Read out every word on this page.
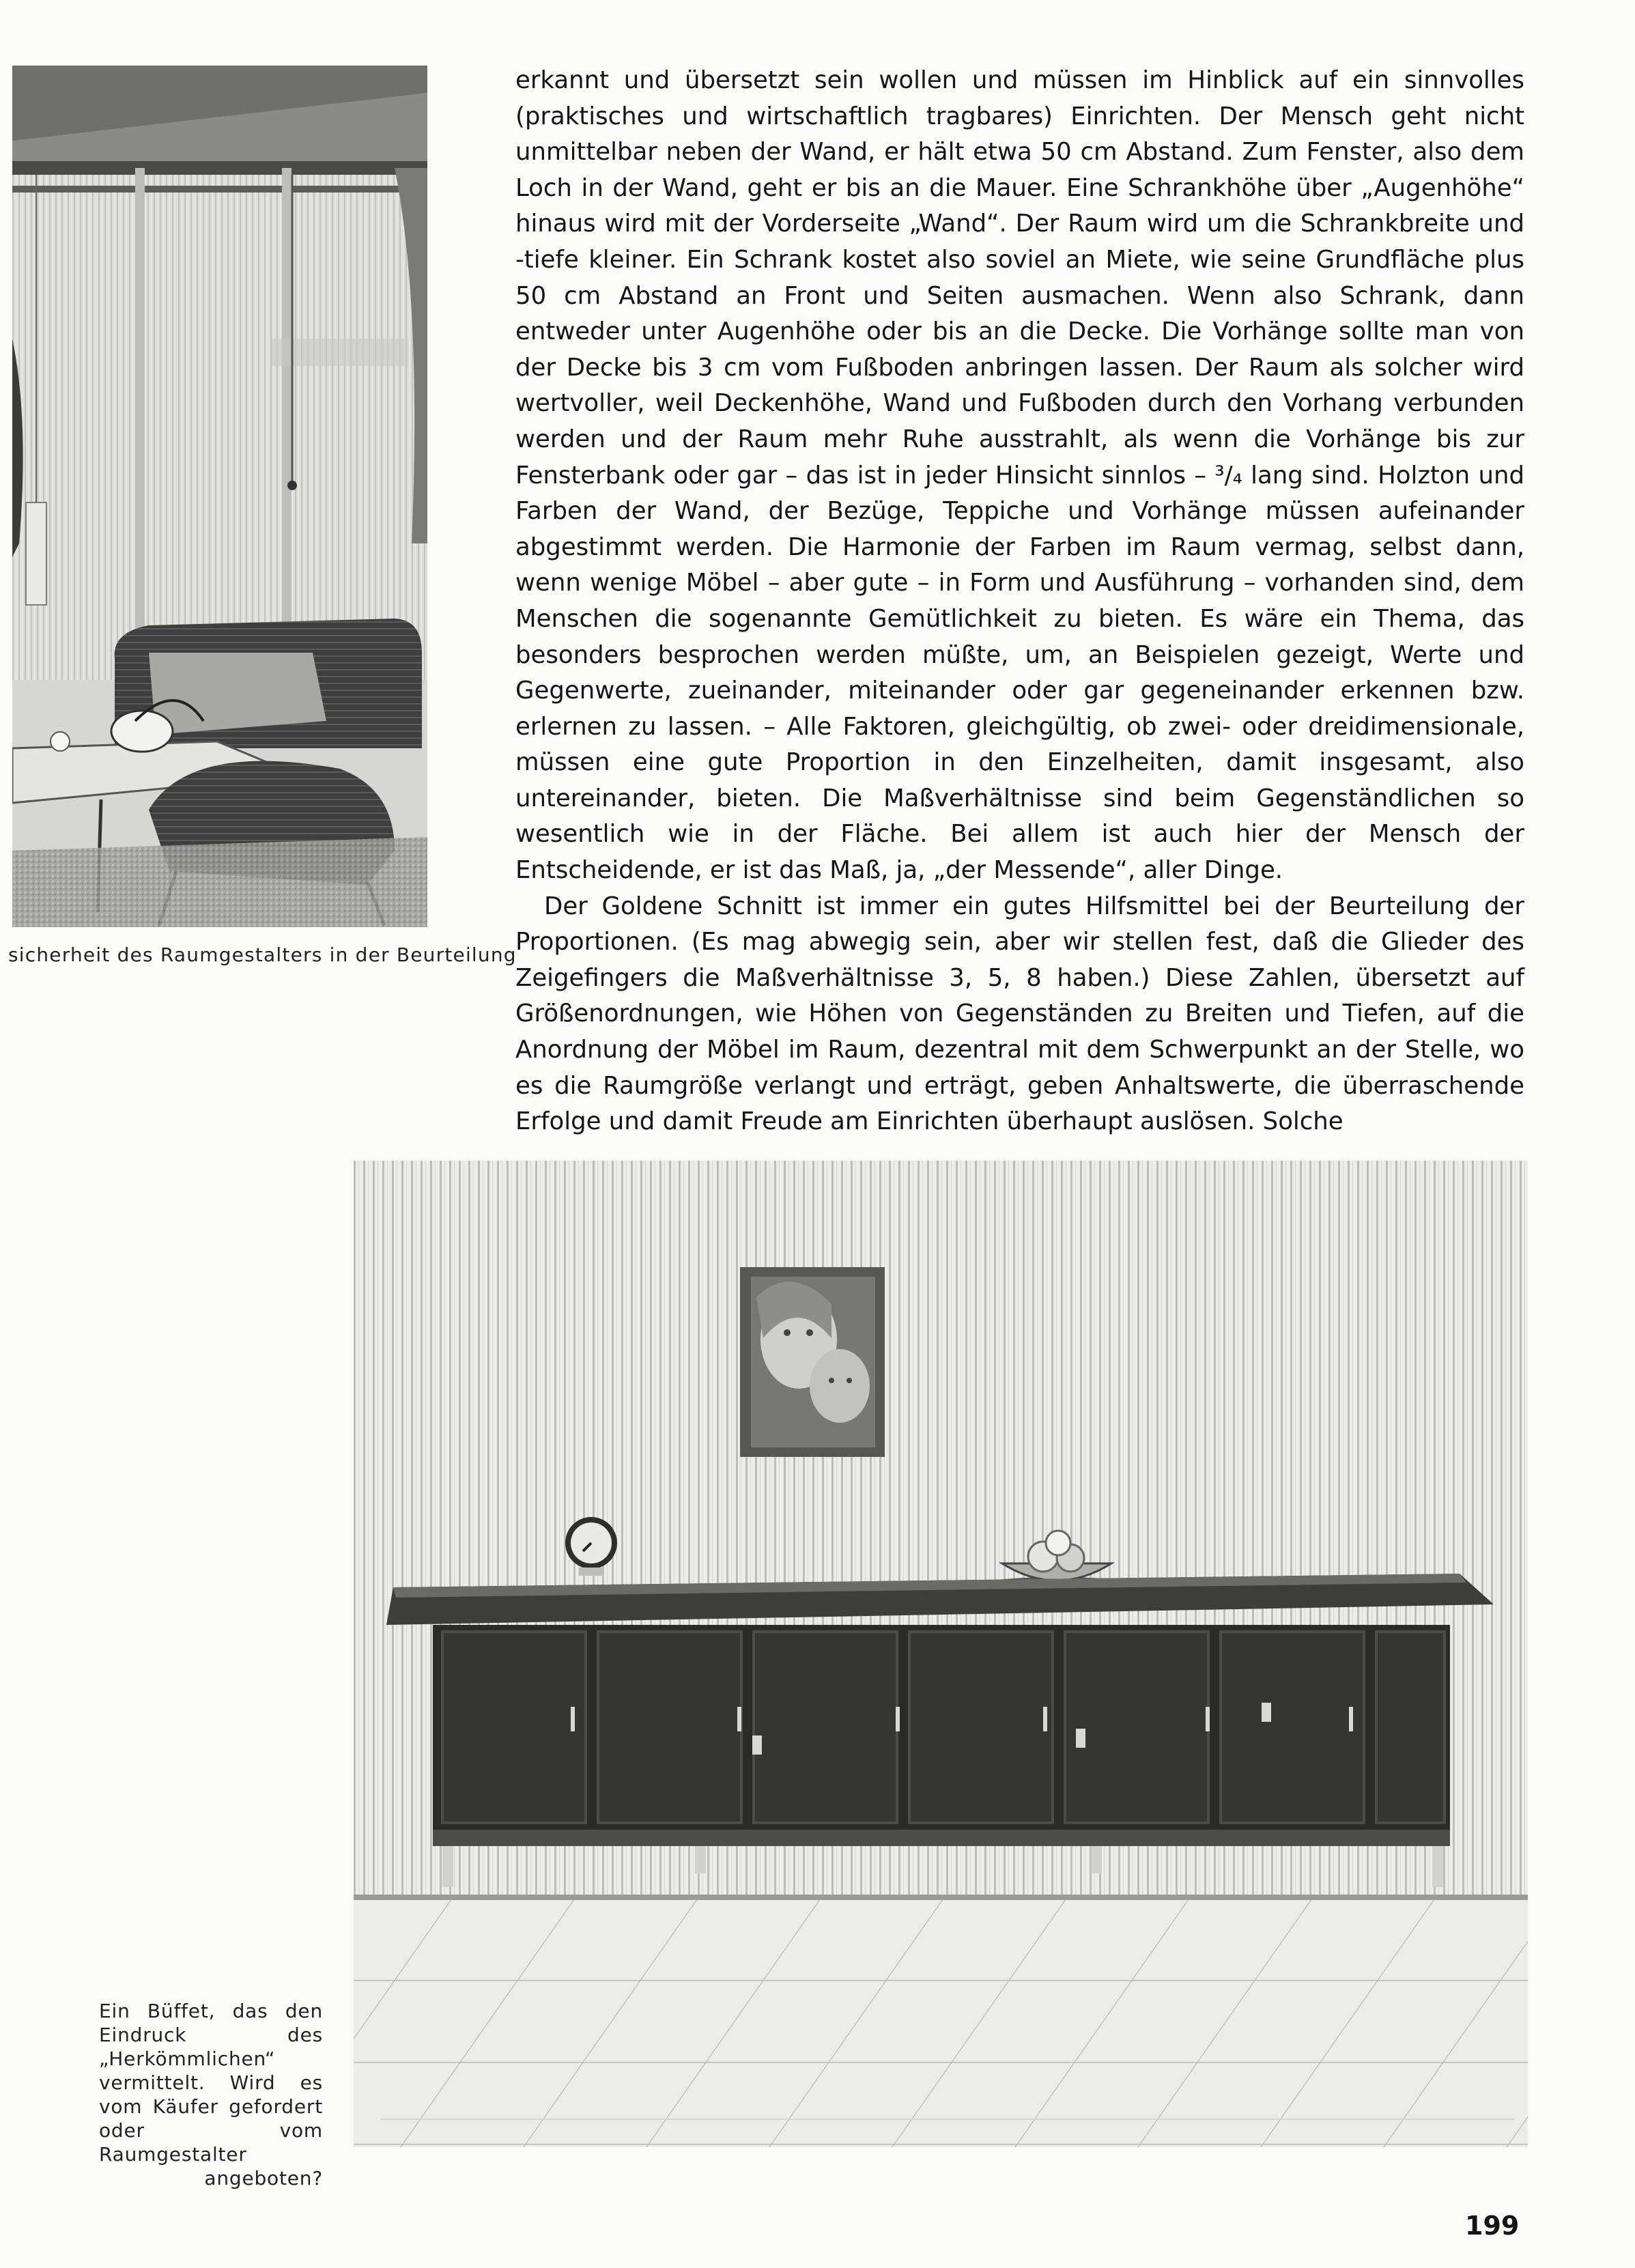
sicherheit des Raumgestalters in der Beurteilung

erkannt und übersetzt sein wollen und müssen im Hinblick auf ein sinnvolles (praktisches und wirtschaftlich tragbares) Einrichten. Der Mensch geht nicht unmittelbar neben der Wand, er hält etwa 50 cm Abstand. Zum Fenster, also dem Loch in der Wand, geht er bis an die Mauer. Eine Schrankhöhe über „Augenhöhe“ hinaus wird mit der Vorderseite „Wand“. Der Raum wird um die Schrankbreite und -tiefe kleiner. Ein Schrank kostet also soviel an Miete, wie seine Grundfläche plus 50 cm Abstand an Front und Seiten ausmachen. Wenn also Schrank, dann entweder unter Augenhöhe oder bis an die Decke. Die Vorhänge sollte man von der Decke bis 3 cm vom Fußboden anbringen lassen. Der Raum als solcher wird wertvoller, weil Deckenhöhe, Wand und Fußboden durch den Vorhang verbunden werden und der Raum mehr Ruhe ausstrahlt, als wenn die Vorhänge bis zur Fensterbank oder gar – das ist in jeder Hinsicht sinnlos – ³/₄ lang sind. Holzton und Farben der Wand, der Bezüge, Teppiche und Vorhänge müssen aufeinander abgestimmt werden. Die Harmonie der Farben im Raum vermag, selbst dann, wenn wenige Möbel – aber gute – in Form und Ausführung – vorhanden sind, dem Menschen die sogenannte Gemütlichkeit zu bieten. Es wäre ein Thema, das besonders besprochen werden müßte, um, an Beispielen gezeigt, Werte und Gegenwerte, zueinander, miteinander oder gar gegeneinander erkennen bzw. erlernen zu lassen. – Alle Faktoren, gleichgültig, ob zwei- oder dreidimensionale, müssen eine gute Proportion in den Einzelheiten, damit insgesamt, also untereinander, bieten. Die Maßverhältnisse sind beim Gegenständlichen so wesentlich wie in der Fläche. Bei allem ist auch hier der Mensch der Entscheidende, er ist das Maß, ja, „der Messende“, aller Dinge.

Der Goldene Schnitt ist immer ein gutes Hilfsmittel bei der Beurteilung der Proportionen. (Es mag abwegig sein, aber wir stellen fest, daß die Glieder des Zeigefingers die Maßverhältnisse 3, 5, 8 haben.) Diese Zahlen, übersetzt auf Größenordnungen, wie Höhen von Gegenständen zu Breiten und Tiefen, auf die Anordnung der Möbel im Raum, dezentral mit dem Schwerpunkt an der Stelle, wo es die Raumgröße verlangt und erträgt, geben Anhaltswerte, die überraschende Erfolge und damit Freude am Einrichten überhaupt auslösen. Solche

Ein Büffet, das den Eindruck des „Herkömmlichen“ vermittelt. Wird es vom Käufer gefordert oder vom Raumgestalter angeboten?
199
